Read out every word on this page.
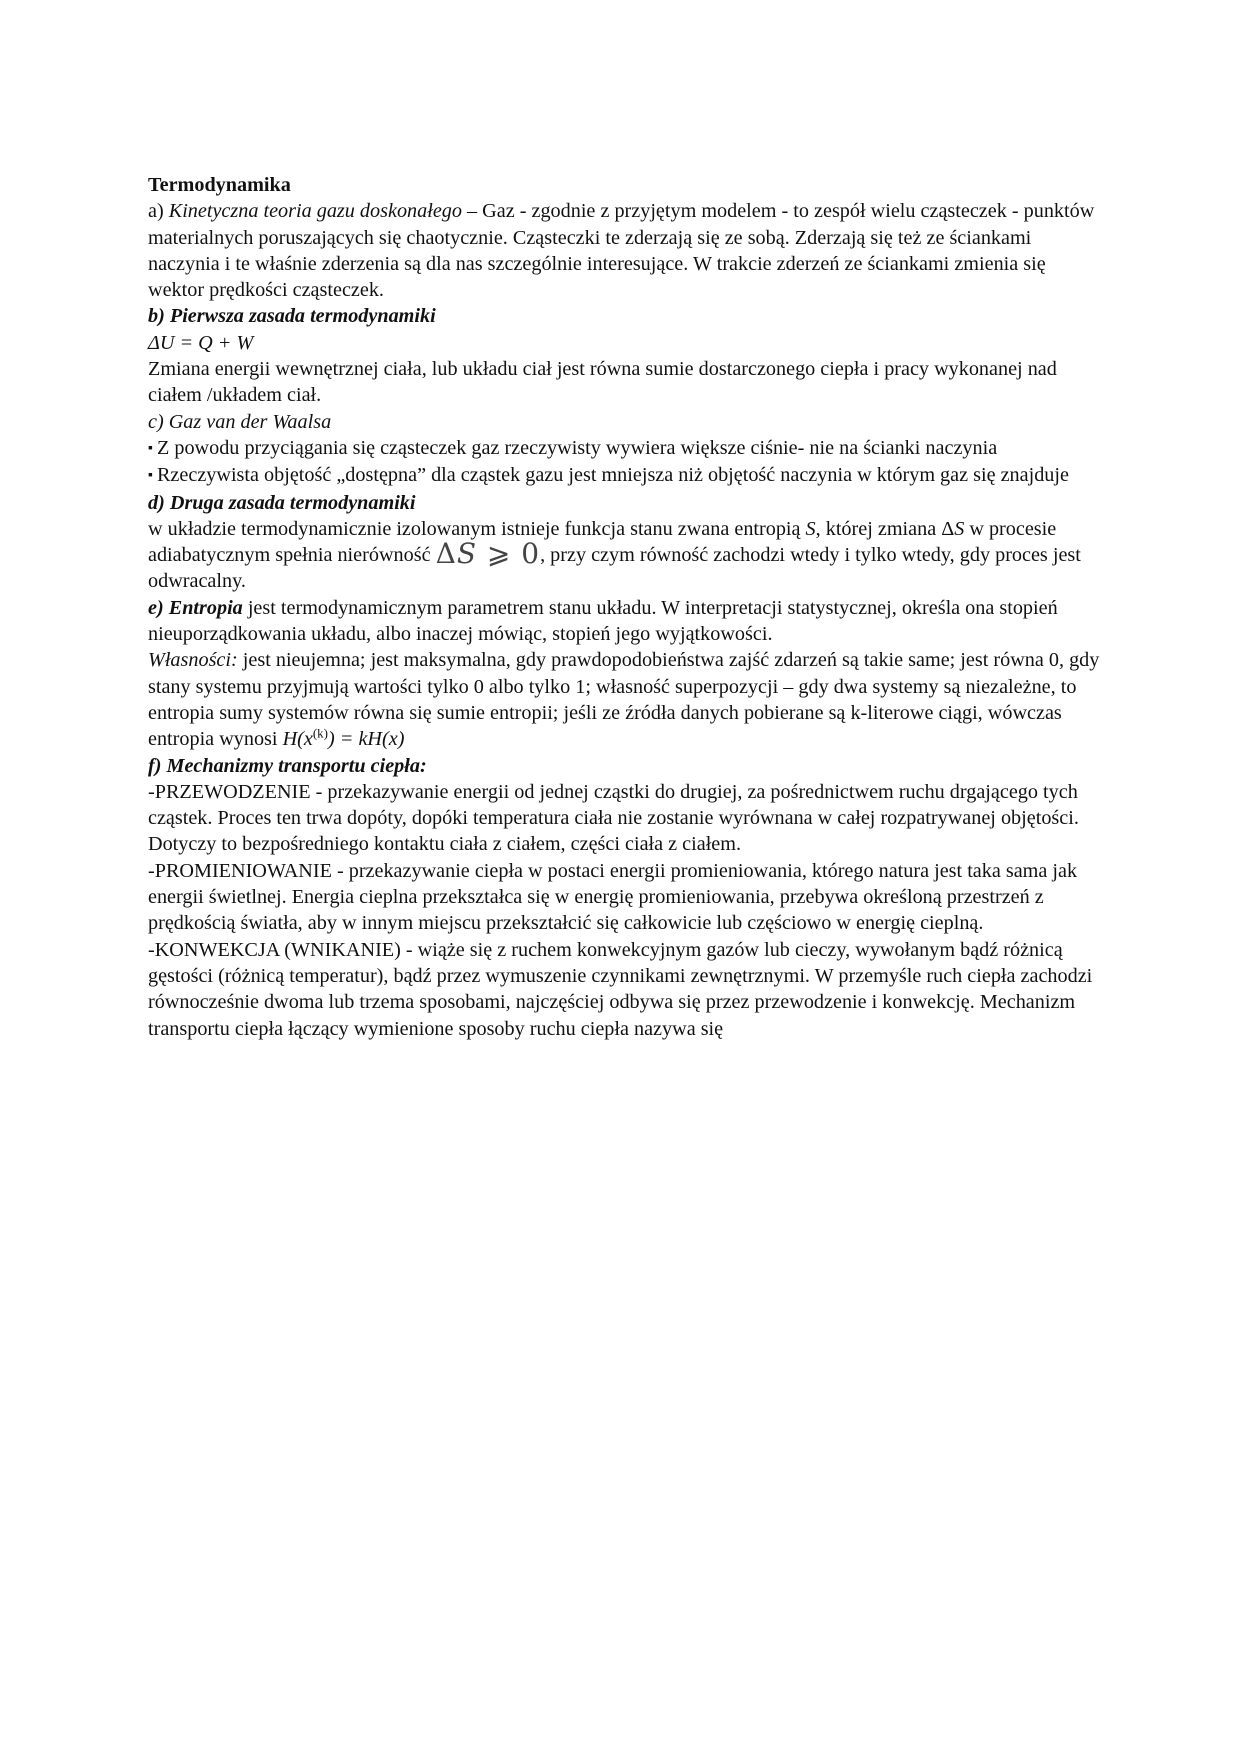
Termodynamika

a) Kinetyczna teoria gazu doskonałego – Gaz - zgodnie z przyjętym modelem - to zespół wielu cząsteczek - punktów materialnych poruszających się chaotycznie. Cząsteczki te zderzają się ze sobą. Zderzają się też ze ściankami naczynia i te właśnie zderzenia są dla nas szczególnie interesujące. W trakcie zderzeń ze ściankami zmienia się wektor prędkości cząsteczek.

b) Pierwsza zasada termodynamiki

ΔU = Q + W

Zmiana energii wewnętrznej ciała, lub układu ciał jest równa sumie dostarczonego ciepła i pracy wykonanej nad ciałem /układem ciał.

c) Gaz van der Waalsa

▪ Z powodu przyciągania się cząsteczek gaz rzeczywisty wywiera większe ciśnie- nie na ścianki naczynia

▪ Rzeczywista objętość „dostępna” dla cząstek gazu jest mniejsza niż objętość naczynia w którym gaz się znajduje

d) Druga zasada termodynamiki

w układzie termodynamicznie izolowanym istnieje funkcja stanu zwana entropią S, której zmiana ΔS w procesie adiabatycznym spełnia nierówność ΔS ⩾ 0, przy czym równość zachodzi wtedy i tylko wtedy, gdy proces jest odwracalny.

e) Entropia jest termodynamicznym parametrem stanu układu. W interpretacji statystycznej, określa ona stopień nieuporządkowania układu, albo inaczej mówiąc, stopień jego wyjątkowości.

Własności: jest nieujemna; jest maksymalna, gdy prawdopodobieństwa zajść zdarzeń są takie same; jest równa 0, gdy stany systemu przyjmują wartości tylko 0 albo tylko 1; własność superpozycji – gdy dwa systemy są niezależne, to entropia sumy systemów równa się sumie entropii; jeśli ze źródła danych pobierane są k-literowe ciągi, wówczas entropia wynosi $H(x^{(k)}) = kH(x)$

f) Mechanizmy transportu ciepła:

-PRZEWODZENIE - przekazywanie energii od jednej cząstki do drugiej, za pośrednictwem ruchu drgającego tych cząstek. Proces ten trwa dopóty, dopóki temperatura ciała nie zostanie wyrównana w całej rozpatrywanej objętości. Dotyczy to bezpośredniego kontaktu ciała z ciałem, części ciała z ciałem.

-PROMIENIOWANIE - przekazywanie ciepła w postaci energii promieniowania, którego natura jest taka sama jak energii świetlnej. Energia cieplna przekształca się w energię promieniowania, przebywa określoną przestrzeń z prędkością światła, aby w innym miejscu przekształcić się całkowicie lub częściowo w energię cieplną.

-KONWEKCJA (WNIKANIE) - wiąże się z ruchem konwekcyjnym gazów lub cieczy, wywołanym bądź różnicą gęstości (różnicą temperatur), bądź przez wymuszenie czynnikami zewnętrznymi. W przemyśle ruch ciepła zachodzi równocześnie dwoma lub trzema sposobami, najczęściej odbywa się przez przewodzenie i konwekcję. Mechanizm transportu ciepła łączący wymienione sposoby ruchu ciepła nazywa się
